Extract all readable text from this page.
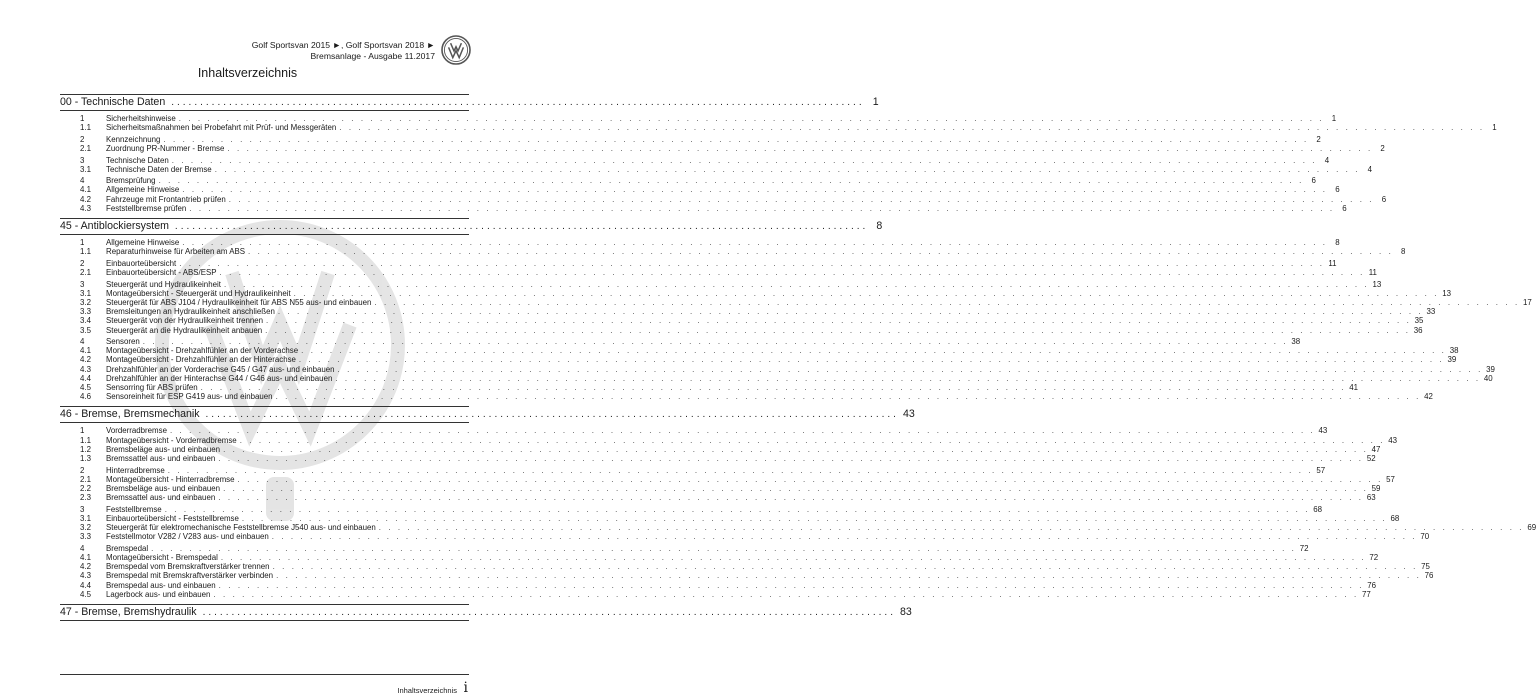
Golf Sportsvan 2015 ►, Golf Sportsvan 2018 ►
Bremsanlage - Ausgabe 11.2017
Inhaltsverzeichnis
00 - Technische Daten ........................................................................................................................ 1
1	Sicherheitshinweise . . . . . . . . . . . . . . . . . . . . . . . . . . . . . . . . . . . . . . . . . . . . . . . . . . . . . . . . . . . . . . . . . . . . . . . . . . . . . . . . . . . . . . . . . . . . . . . . . . . . . . . . . . . . . . . . . . . . . . . . 1
1.1	Sicherheitsmaßnahmen bei Probefahrt mit Prüf- und Messgeräten . . . . . . . . . . . . . . . . . . . . . . . . . . . . . . . . . . . . . . . . . . . . . . . . . . . . . . . . . . . . . . . . . . . . . . . . . . . . . . . . . . . . . . . . . . . . . . . . . . . . . . . . . . . . . . . . . . . . . . . . 1
2	Kennzeichnung . . . . . . . . . . . . . . . . . . . . . . . . . . . . . . . . . . . . . . . . . . . . . . . . . . . . . . . . . . . . . . . . . . . . . . . . . . . . . . . . . . . . . . . . . . . . . . . . . . . . . . . . . . . . . . . . . . . . . . . . 2
2.1	Zuordnung PR-Nummer - Bremse . . . . . . . . . . . . . . . . . . . . . . . . . . . . . . . . . . . . . . . . . . . . . . . . . . . . . . . . . . . . . . . . . . . . . . . . . . . . . . . . . . . . . . . . . . . . . . . . . . . . . . . . . . . . . . . . . . . . . . . . 2
3	Technische Daten . . . . . . . . . . . . . . . . . . . . . . . . . . . . . . . . . . . . . . . . . . . . . . . . . . . . . . . . . . . . . . . . . . . . . . . . . . . . . . . . . . . . . . . . . . . . . . . . . . . . . . . . . . . . . . . . . . . . . . . . 4
3.1	Technische Daten der Bremse . . . . . . . . . . . . . . . . . . . . . . . . . . . . . . . . . . . . . . . . . . . . . . . . . . . . . . . . . . . . . . . . . . . . . . . . . . . . . . . . . . . . . . . . . . . . . . . . . . . . . . . . . . . . . . . . . . . . . . . . 4
4	Bremsprüfung . . . . . . . . . . . . . . . . . . . . . . . . . . . . . . . . . . . . . . . . . . . . . . . . . . . . . . . . . . . . . . . . . . . . . . . . . . . . . . . . . . . . . . . . . . . . . . . . . . . . . . . . . . . . . . . . . . . . . . . . 6
4.1	Allgemeine Hinweise . . . . . . . . . . . . . . . . . . . . . . . . . . . . . . . . . . . . . . . . . . . . . . . . . . . . . . . . . . . . . . . . . . . . . . . . . . . . . . . . . . . . . . . . . . . . . . . . . . . . . . . . . . . . . . . . . . . . . . . . 6
4.2	Fahrzeuge mit Frontantrieb prüfen . . . . . . . . . . . . . . . . . . . . . . . . . . . . . . . . . . . . . . . . . . . . . . . . . . . . . . . . . . . . . . . . . . . . . . . . . . . . . . . . . . . . . . . . . . . . . . . . . . . . . . . . . . . . . . . . . . . . . . . . 6
4.3	Feststellbremse prüfen . . . . . . . . . . . . . . . . . . . . . . . . . . . . . . . . . . . . . . . . . . . . . . . . . . . . . . . . . . . . . . . . . . . . . . . . . . . . . . . . . . . . . . . . . . . . . . . . . . . . . . . . . . . . . . . . . . . . . . . . 6
45 - Antiblockiersystem ........................................................................................................................ 8
1	Allgemeine Hinweise . . . . . . . . . . . . . . . . . . . . . . . . . . . . . . . . . . . . . . . . . . . . . . . . . . . . . . . . . . . . . . . . . . . . . . . . . . . . . . . . . . . . . . . . . . . . . . . . . . . . . . . . . . . . . . . . . . . . . . . . 8
1.1	Reparaturhinweise für Arbeiten am ABS . . . . . . . . . . . . . . . . . . . . . . . . . . . . . . . . . . . . . . . . . . . . . . . . . . . . . . . . . . . . . . . . . . . . . . . . . . . . . . . . . . . . . . . . . . . . . . . . . . . . . . . . . . . . . . . . . . . . . . . . 8
2	Einbauorteübersicht . . . . . . . . . . . . . . . . . . . . . . . . . . . . . . . . . . . . . . . . . . . . . . . . . . . . . . . . . . . . . . . . . . . . . . . . . . . . . . . . . . . . . . . . . . . . . . . . . . . . . . . . . . . . . . . . . . . . . . . . 11
2.1	Einbauorteübersicht - ABS/ESP . . . . . . . . . . . . . . . . . . . . . . . . . . . . . . . . . . . . . . . . . . . . . . . . . . . . . . . . . . . . . . . . . . . . . . . . . . . . . . . . . . . . . . . . . . . . . . . . . . . . . . . . . . . . . . . . . . . . . . . . 11
3	Steuergerät und Hydraulikeinheit . . . . . . . . . . . . . . . . . . . . . . . . . . . . . . . . . . . . . . . . . . . . . . . . . . . . . . . . . . . . . . . . . . . . . . . . . . . . . . . . . . . . . . . . . . . . . . . . . . . . . . . . . . . . . . . . . . . . . . . . 13
3.1	Montageübersicht - Steuergerät und Hydraulikeinheit . . . . . . . . . . . . . . . . . . . . . . . . . . . . . . . . . . . . . . . . . . . . . . . . . . . . . . . . . . . . . . . . . . . . . . . . . . . . . . . . . . . . . . . . . . . . . . . . . . . . . . . . . . . . . . . . . . . . . . . . 13
3.2	Steuergerät für ABS J104 / Hydraulikeinheit für ABS N55 aus- und einbauen . . . . . . . . . . . . . . . . . . . . . . . . . . . . . . . . . . . . . . . . . . . . . . . . . . . . . . . . . . . . . . . . . . . . . . . . . . . . . . . . . . . . . . . . . . . . . . . . . . . . . . . . . . . . . . . . . . . . . . . . 17
3.3	Bremsleitungen an Hydraulikeinheit anschließen . . . . . . . . . . . . . . . . . . . . . . . . . . . . . . . . . . . . . . . . . . . . . . . . . . . . . . . . . . . . . . . . . . . . . . . . . . . . . . . . . . . . . . . . . . . . . . . . . . . . . . . . . . . . . . . . . . . . . . . . 33
3.4	Steuergerät von der Hydraulikeinheit trennen . . . . . . . . . . . . . . . . . . . . . . . . . . . . . . . . . . . . . . . . . . . . . . . . . . . . . . . . . . . . . . . . . . . . . . . . . . . . . . . . . . . . . . . . . . . . . . . . . . . . . . . . . . . . . . . . . . . . . . . . 35
3.5	Steuergerät an die Hydraulikeinheit anbauen . . . . . . . . . . . . . . . . . . . . . . . . . . . . . . . . . . . . . . . . . . . . . . . . . . . . . . . . . . . . . . . . . . . . . . . . . . . . . . . . . . . . . . . . . . . . . . . . . . . . . . . . . . . . . . . . . . . . . . . . 36
4	Sensoren . . . . . . . . . . . . . . . . . . . . . . . . . . . . . . . . . . . . . . . . . . . . . . . . . . . . . . . . . . . . . . . . . . . . . . . . . . . . . . . . . . . . . . . . . . . . . . . . . . . . . . . . . . . . . . . . . . . . . . . . 38
4.1	Montageübersicht - Drehzahlfühler an der Vorderachse . . . . . . . . . . . . . . . . . . . . . . . . . . . . . . . . . . . . . . . . . . . . . . . . . . . . . . . . . . . . . . . . . . . . . . . . . . . . . . . . . . . . . . . . . . . . . . . . . . . . . . . . . . . . . . . . . . . . . . . . 38
4.2	Montageübersicht - Drehzahlfühler an der Hinterachse . . . . . . . . . . . . . . . . . . . . . . . . . . . . . . . . . . . . . . . . . . . . . . . . . . . . . . . . . . . . . . . . . . . . . . . . . . . . . . . . . . . . . . . . . . . . . . . . . . . . . . . . . . . . . . . . . . . . . . . . 39
4.3	Drehzahlfühler an der Vorderachse G45 / G47 aus- und einbauen . . . . . . . . . . . . . . . . . . . . . . . . . . . . . . . . . . . . . . . . . . . . . . . . . . . . . . . . . . . . . . . . . . . . . . . . . . . . . . . . . . . . . . . . . . . . . . . . . . . . . . . . . . . . . . . . . . . . . . . . 39
4.4	Drehzahlfühler an der Hinterachse G44 / G46 aus- und einbauen . . . . . . . . . . . . . . . . . . . . . . . . . . . . . . . . . . . . . . . . . . . . . . . . . . . . . . . . . . . . . . . . . . . . . . . . . . . . . . . . . . . . . . . . . . . . . . . . . . . . . . . . . . . . . . . . . . . . . . . . 40
4.5	Sensorring für ABS prüfen . . . . . . . . . . . . . . . . . . . . . . . . . . . . . . . . . . . . . . . . . . . . . . . . . . . . . . . . . . . . . . . . . . . . . . . . . . . . . . . . . . . . . . . . . . . . . . . . . . . . . . . . . . . . . . . . . . . . . . . . 41
4.6	Sensoreinheit für ESP G419 aus- und einbauen . . . . . . . . . . . . . . . . . . . . . . . . . . . . . . . . . . . . . . . . . . . . . . . . . . . . . . . . . . . . . . . . . . . . . . . . . . . . . . . . . . . . . . . . . . . . . . . . . . . . . . . . . . . . . . . . . . . . . . . . 42
46 - Bremse, Bremsmechanik ........................................................................................................................ 43
1	Vorderradbremse . . . . . . . . . . . . . . . . . . . . . . . . . . . . . . . . . . . . . . . . . . . . . . . . . . . . . . . . . . . . . . . . . . . . . . . . . . . . . . . . . . . . . . . . . . . . . . . . . . . . . . . . . . . . . . . . . . . . . . . . 43
1.1	Montageübersicht - Vorderradbremse . . . . . . . . . . . . . . . . . . . . . . . . . . . . . . . . . . . . . . . . . . . . . . . . . . . . . . . . . . . . . . . . . . . . . . . . . . . . . . . . . . . . . . . . . . . . . . . . . . . . . . . . . . . . . . . . . . . . . . . . 43
1.2	Bremsbeläge aus- und einbauen . . . . . . . . . . . . . . . . . . . . . . . . . . . . . . . . . . . . . . . . . . . . . . . . . . . . . . . . . . . . . . . . . . . . . . . . . . . . . . . . . . . . . . . . . . . . . . . . . . . . . . . . . . . . . . . . . . . . . . . . 47
1.3	Bremssattel aus- und einbauen . . . . . . . . . . . . . . . . . . . . . . . . . . . . . . . . . . . . . . . . . . . . . . . . . . . . . . . . . . . . . . . . . . . . . . . . . . . . . . . . . . . . . . . . . . . . . . . . . . . . . . . . . . . . . . . . . . . . . . . . 52
2	Hinterradbremse . . . . . . . . . . . . . . . . . . . . . . . . . . . . . . . . . . . . . . . . . . . . . . . . . . . . . . . . . . . . . . . . . . . . . . . . . . . . . . . . . . . . . . . . . . . . . . . . . . . . . . . . . . . . . . . . . . . . . . . . 57
2.1	Montageübersicht - Hinterradbremse . . . . . . . . . . . . . . . . . . . . . . . . . . . . . . . . . . . . . . . . . . . . . . . . . . . . . . . . . . . . . . . . . . . . . . . . . . . . . . . . . . . . . . . . . . . . . . . . . . . . . . . . . . . . . . . . . . . . . . . . 57
2.2	Bremsbeläge aus- und einbauen . . . . . . . . . . . . . . . . . . . . . . . . . . . . . . . . . . . . . . . . . . . . . . . . . . . . . . . . . . . . . . . . . . . . . . . . . . . . . . . . . . . . . . . . . . . . . . . . . . . . . . . . . . . . . . . . . . . . . . . . 59
2.3	Bremssattel aus- und einbauen . . . . . . . . . . . . . . . . . . . . . . . . . . . . . . . . . . . . . . . . . . . . . . . . . . . . . . . . . . . . . . . . . . . . . . . . . . . . . . . . . . . . . . . . . . . . . . . . . . . . . . . . . . . . . . . . . . . . . . . . 63
3	Feststellbremse . . . . . . . . . . . . . . . . . . . . . . . . . . . . . . . . . . . . . . . . . . . . . . . . . . . . . . . . . . . . . . . . . . . . . . . . . . . . . . . . . . . . . . . . . . . . . . . . . . . . . . . . . . . . . . . . . . . . . . . . 68
3.1	Einbauorteübersicht - Feststellbremse . . . . . . . . . . . . . . . . . . . . . . . . . . . . . . . . . . . . . . . . . . . . . . . . . . . . . . . . . . . . . . . . . . . . . . . . . . . . . . . . . . . . . . . . . . . . . . . . . . . . . . . . . . . . . . . . . . . . . . . . 68
3.2	Steuergerät für elektromechanische Feststellbremse J540 aus- und einbauen . . . . . . . . . . . . . . . . . . . . . . . . . . . . . . . . . . . . . . . . . . . . . . . . . . . . . . . . . . . . . . . . . . . . . . . . . . . . . . . . . . . . . . . . . . . . . . . . . . . . . . . . . . . . . . . . . . . . . . . . 69
3.3	Feststellmotor V282 / V283 aus- und einbauen . . . . . . . . . . . . . . . . . . . . . . . . . . . . . . . . . . . . . . . . . . . . . . . . . . . . . . . . . . . . . . . . . . . . . . . . . . . . . . . . . . . . . . . . . . . . . . . . . . . . . . . . . . . . . . . . . . . . . . . . 70
4	Bremspedal . . . . . . . . . . . . . . . . . . . . . . . . . . . . . . . . . . . . . . . . . . . . . . . . . . . . . . . . . . . . . . . . . . . . . . . . . . . . . . . . . . . . . . . . . . . . . . . . . . . . . . . . . . . . . . . . . . . . . . . . 72
4.1	Montageübersicht - Bremspedal . . . . . . . . . . . . . . . . . . . . . . . . . . . . . . . . . . . . . . . . . . . . . . . . . . . . . . . . . . . . . . . . . . . . . . . . . . . . . . . . . . . . . . . . . . . . . . . . . . . . . . . . . . . . . . . . . . . . . . . . 72
4.2	Bremspedal vom Bremskraftverstärker trennen . . . . . . . . . . . . . . . . . . . . . . . . . . . . . . . . . . . . . . . . . . . . . . . . . . . . . . . . . . . . . . . . . . . . . . . . . . . . . . . . . . . . . . . . . . . . . . . . . . . . . . . . . . . . . . . . . . . . . . . . 75
4.3	Bremspedal mit Bremskraftverstärker verbinden . . . . . . . . . . . . . . . . . . . . . . . . . . . . . . . . . . . . . . . . . . . . . . . . . . . . . . . . . . . . . . . . . . . . . . . . . . . . . . . . . . . . . . . . . . . . . . . . . . . . . . . . . . . . . . . . . . . . . . . . 76
4.4	Bremspedal aus- und einbauen . . . . . . . . . . . . . . . . . . . . . . . . . . . . . . . . . . . . . . . . . . . . . . . . . . . . . . . . . . . . . . . . . . . . . . . . . . . . . . . . . . . . . . . . . . . . . . . . . . . . . . . . . . . . . . . . . . . . . . . . 76
4.5	Lagerbock aus- und einbauen . . . . . . . . . . . . . . . . . . . . . . . . . . . . . . . . . . . . . . . . . . . . . . . . . . . . . . . . . . . . . . . . . . . . . . . . . . . . . . . . . . . . . . . . . . . . . . . . . . . . . . . . . . . . . . . . . . . . . . . . 77
47 - Bremse, Bremshydraulik ........................................................................................................................ 83
Inhaltsverzeichnis i
